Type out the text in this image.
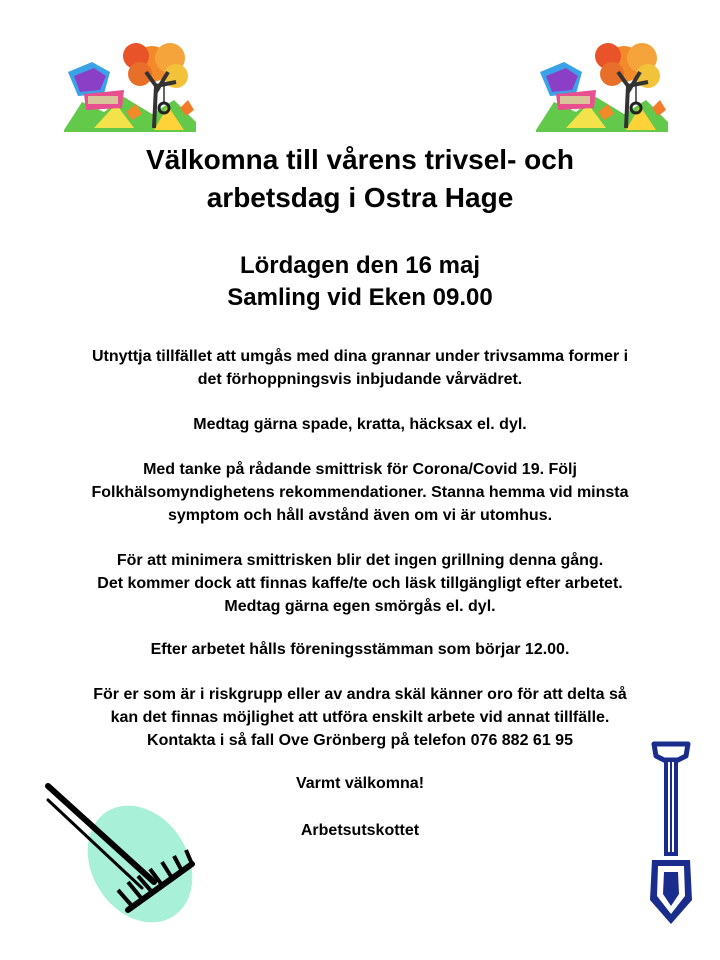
Välkomna till vårens trivsel- och
arbetsdag i Ostra Hage
Lördagen den 16 maj
Samling vid Eken 09.00
Utnyttja tillfället att umgås med dina grannar under trivsamma former i
det förhoppningsvis inbjudande vårvädret.
Medtag gärna spade, kratta, häcksax el. dyl.
Med tanke på rådande smittrisk för Corona/Covid 19. Följ
Folkhälsomyndighetens rekommendationer. Stanna hemma vid minsta
symptom och håll avstånd även om vi är utomhus.
För att minimera smittrisken blir det ingen grillning denna gång.
Det kommer dock att finnas kaffe/te och läsk tillgängligt efter arbetet.
Medtag gärna egen smörgås el. dyl.
Efter arbetet hålls föreningsstämman som börjar 12.00.
För er som är i riskgrupp eller av andra skäl känner oro för att delta så
kan det finnas möjlighet att utföra enskilt arbete vid annat tillfälle.
Kontakta i så fall Ove Grönberg på telefon 076 882 61 95
Varmt välkomna!
Arbetsutskottet
